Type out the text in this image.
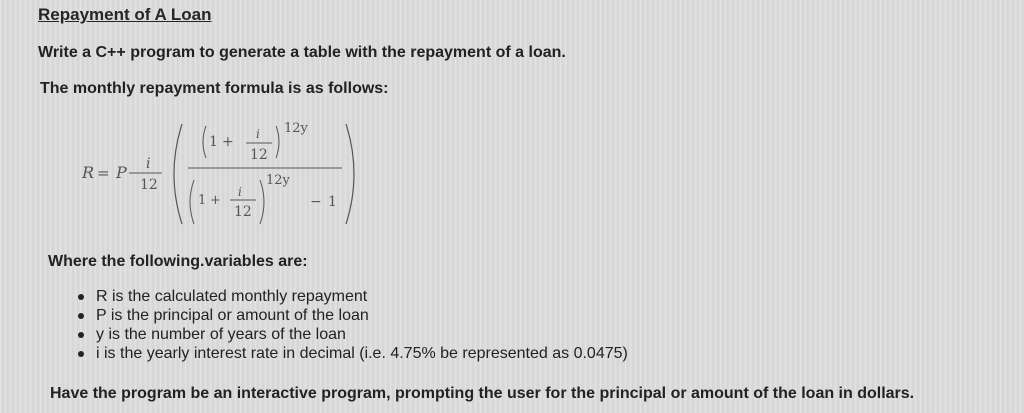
Repayment of A Loan
Write a C++ program to generate a table with the repayment of a loan.
The monthly repayment formula is as follows:
R = P i
12
1 + i
12
12y
1 +
i
12
12y
− 1
Where the following.variables are:
R is the calculated monthly repayment
P is the principal or amount of the loan
y is the number of years of the loan
i is the yearly interest rate in decimal (i.e. 4.75% be represented as 0.0475)
Have the program be an interactive program, prompting the user for the principal or amount of the loan in dollars.
